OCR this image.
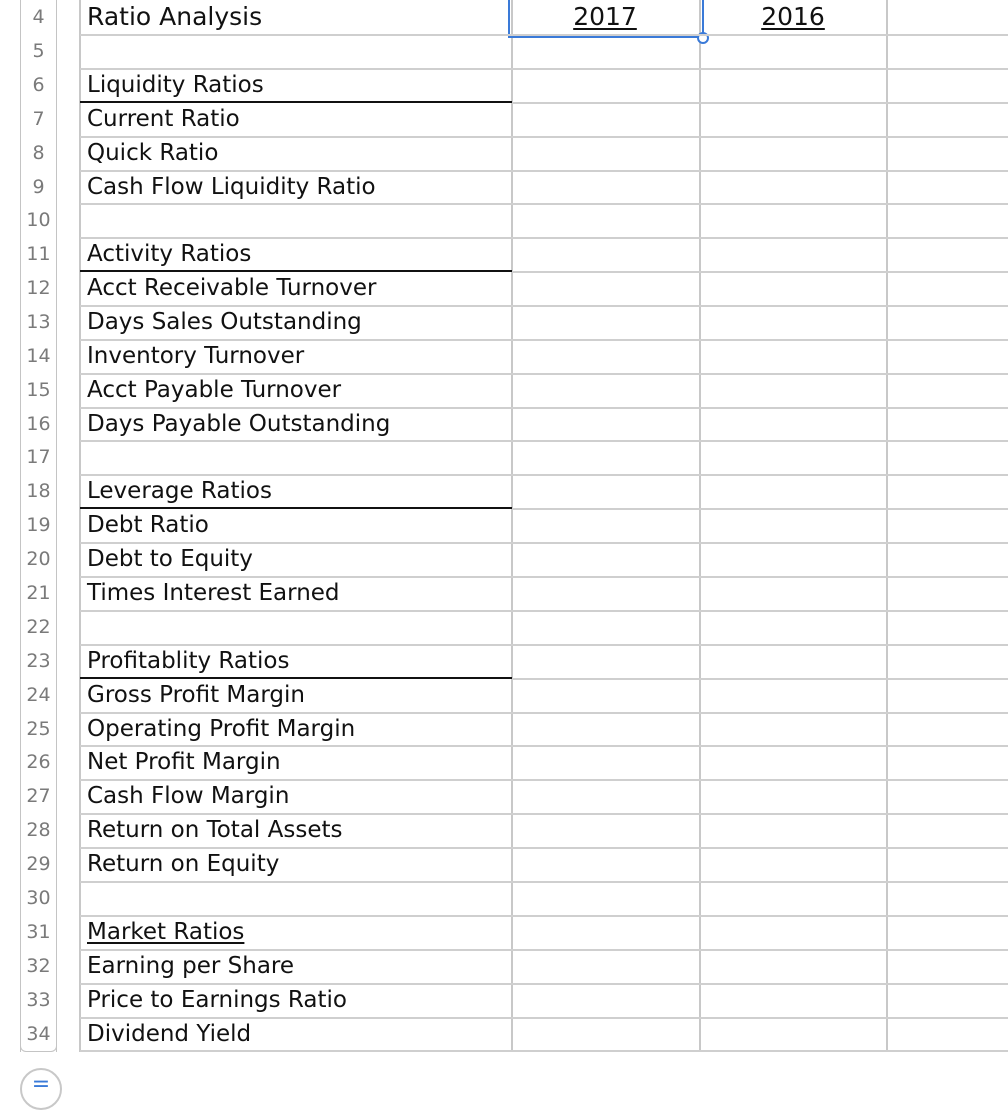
Ratio Analysis	2017	2016
4
5
6
7
8
9
10
11
12
13
14
15
16
17
18
19
20
21
22
23
24
25
26
27
28
29
30
31
32
33
34
Liquidity Ratios
Current Ratio
Quick Ratio
Cash Flow Liquidity Ratio
Activity Ratios
Acct Receivable Turnover
Days Sales Outstanding
Inventory Turnover
Acct Payable Turnover
Days Payable Outstanding
Leverage Ratios
Debt Ratio
Debt to Equity
Times Interest Earned
Profitablity Ratios
Gross Profit Margin
Operating Profit Margin
Net Profit Margin
Cash Flow Margin
Return on Total Assets
Return on Equity
Market Ratios
Earning per Share
Price to Earnings Ratio
Dividend Yield
=
